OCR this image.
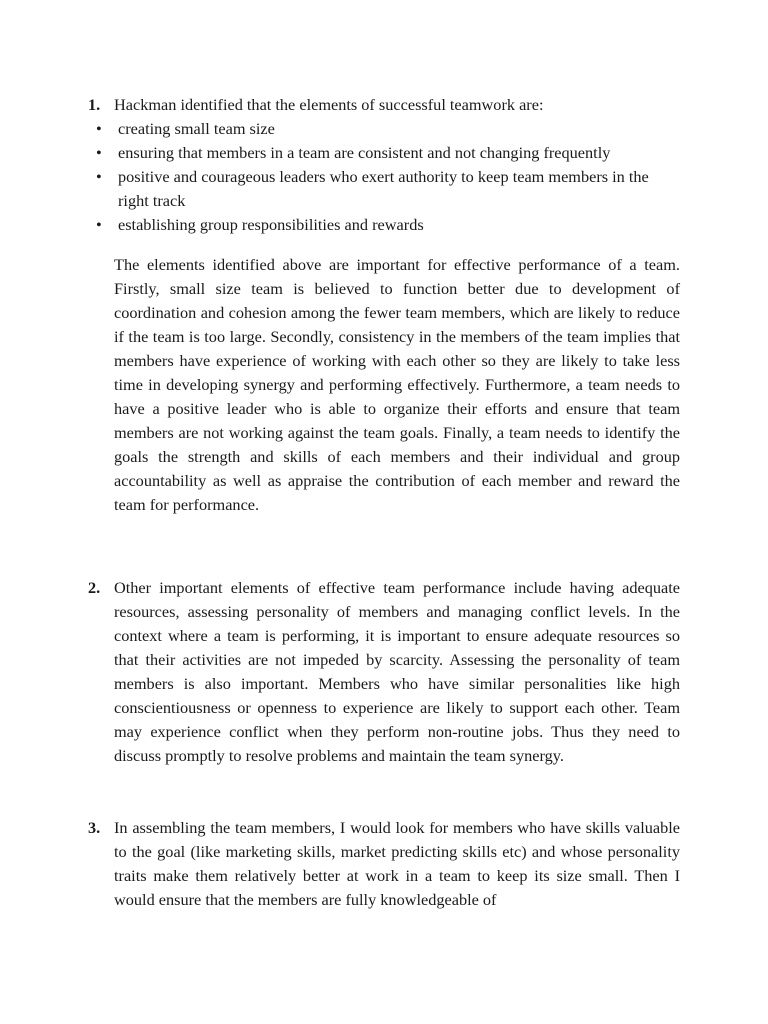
1. Hackman identified that the elements of successful teamwork are:

• creating small team size
• ensuring that members in a team are consistent and not changing frequently
• positive and courageous leaders who exert authority to keep team members in the right track
• establishing group responsibilities and rewards

The elements identified above are important for effective performance of a team. Firstly, small size team is believed to function better due to development of coordination and cohesion among the fewer team members, which are likely to reduce if the team is too large. Secondly, consistency in the members of the team implies that members have experience of working with each other so they are likely to take less time in developing synergy and performing effectively. Furthermore, a team needs to have a positive leader who is able to organize their efforts and ensure that team members are not working against the team goals. Finally, a team needs to identify the goals the strength and skills of each members and their individual and group accountability as well as appraise the contribution of each member and reward the team for performance.

2. Other important elements of effective team performance include having adequate resources, assessing personality of members and managing conflict levels. In the context where a team is performing, it is important to ensure adequate resources so that their activities are not impeded by scarcity. Assessing the personality of team members is also important. Members who have similar personalities like high conscientiousness or openness to experience are likely to support each other. Team may experience conflict when they perform non-routine jobs. Thus they need to discuss promptly to resolve problems and maintain the team synergy.

3. In assembling the team members, I would look for members who have skills valuable to the goal (like marketing skills, market predicting skills etc) and whose personality traits make them relatively better at work in a team to keep its size small. Then I would ensure that the members are fully knowledgeable of
